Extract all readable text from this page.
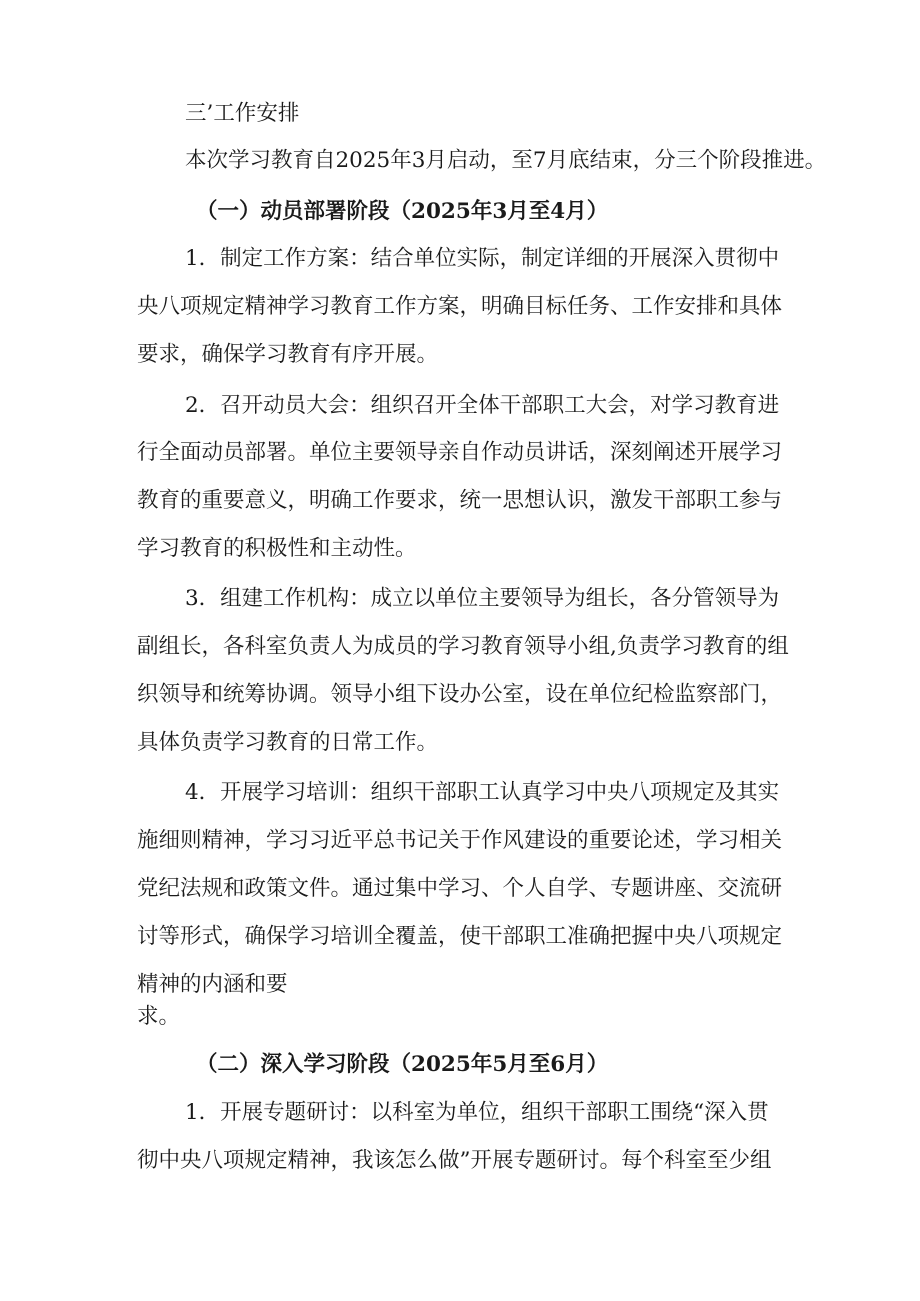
三’工作安排
本次学习教育自2025年3月启动，至7月底结束，分三个阶段推进。
（一）动员部署阶段（2025年3月至4月）
1．制定工作方案：结合单位实际，制定详细的开展深入贯彻中
央八项规定精神学习教育工作方案，明确目标任务、工作安排和具体
要求，确保学习教育有序开展。
2．召开动员大会：组织召开全体干部职工大会，对学习教育进
行全面动员部署。单位主要领导亲自作动员讲话，深刻阐述开展学习
教育的重要意义，明确工作要求，统一思想认识，激发干部职工参与
学习教育的积极性和主动性。
3．组建工作机构：成立以单位主要领导为组长，各分管领导为
副组长，各科室负责人为成员的学习教育领导小组,负责学习教育的组
织领导和统筹协调。领导小组下设办公室，设在单位纪检监察部门，
具体负责学习教育的日常工作。
4．开展学习培训：组织干部职工认真学习中央八项规定及其实
施细则精神，学习习近平总书记关于作风建设的重要论述，学习相关
党纪法规和政策文件。通过集中学习、个人自学、专题讲座、交流研
讨等形式，确保学习培训全覆盖，使干部职工准确把握中央八项规定
精神的内涵和要
求。
（二）深入学习阶段（2025年5月至6月）
1．开展专题研讨：以科室为单位，组织干部职工围绕“深入贯
彻中央八项规定精神，我该怎么做”开展专题研讨。每个科室至少组
